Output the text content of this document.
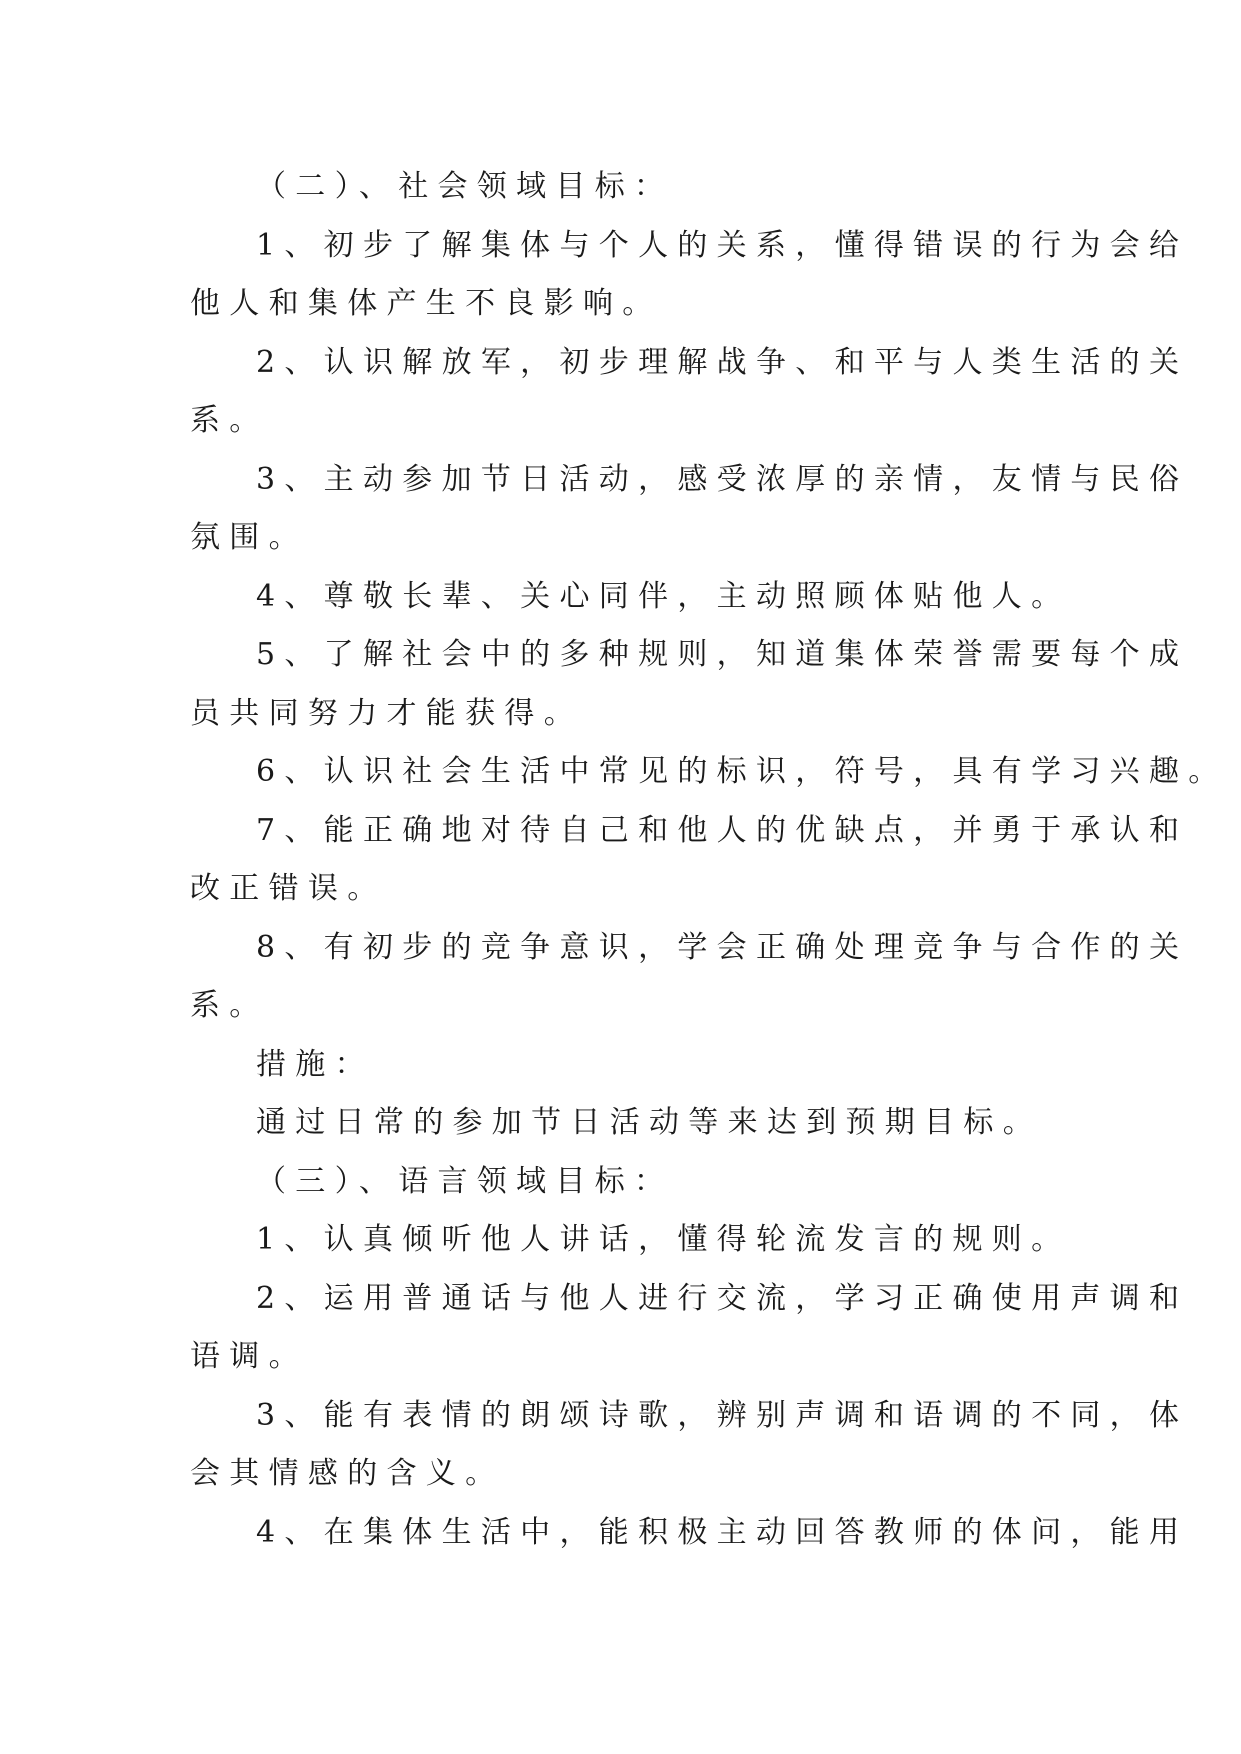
（二）、社会领域目标：

1、初步了解集体与个人的关系，懂得错误的行为会给
他人和集体产生不良影响。

2、认识解放军，初步理解战争、和平与人类生活的关
系。

3、主动参加节日活动，感受浓厚的亲情，友情与民俗
氛围。

4、尊敬长辈、关心同伴，主动照顾体贴他人。

5、了解社会中的多种规则，知道集体荣誉需要每个成
员共同努力才能获得。

6、认识社会生活中常见的标识，符号，具有学习兴趣。

7、能正确地对待自己和他人的优缺点，并勇于承认和
改正错误。

8、有初步的竞争意识，学会正确处理竞争与合作的关
系。

措施：

通过日常的参加节日活动等来达到预期目标。

（三）、语言领域目标：

1、认真倾听他人讲话，懂得轮流发言的规则。

2、运用普通话与他人进行交流，学习正确使用声调和
语调。

3、能有表情的朗颂诗歌，辨别声调和语调的不同，体
会其情感的含义。

4、在集体生活中，能积极主动回答教师的体问，能用
